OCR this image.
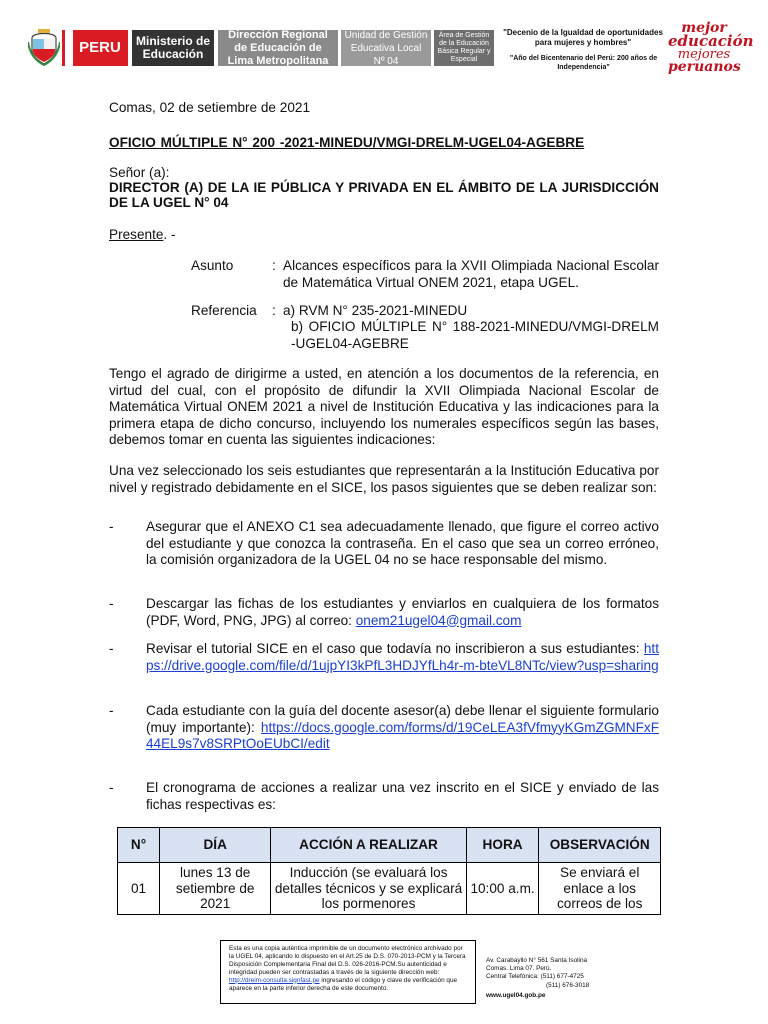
PERU	Ministerio de Educación
Dirección Regional de Educación de Lima Metropolitana
Unidad de Gestión Educativa Local Nº 04
Área de Gestión de la Educación Básica Regular y Especial
"Decenio de la Igualdad de oportunidades para mujeres y hombres"
"Año del Bicentenario del Perú: 200 años de Independencia"
mejor
educación
mejores
peruanos
Comas, 02 de setiembre de 2021
OFICIO MÚLTIPLE N° 200 -2021-MINEDU/VMGI-DRELM-UGEL04-AGEBRE
Señor (a):
DIRECTOR (A) DE LA IE PÚBLICA Y PRIVADA EN EL ÁMBITO DE LA JURISDICCIÓN DE LA UGEL N° 04
Presente. -
Asunto	: Alcances específicos para la XVII Olimpiada Nacional Escolar de Matemática Virtual ONEM 2021, etapa UGEL.
Referencia : a) RVM N° 235-2021-MINEDU
b) OFICIO MÚLTIPLE N° 188-2021-MINEDU/VMGI-DRELM -UGEL04-AGEBRE
Tengo el agrado de dirigirme a usted, en atención a los documentos de la referencia, en virtud del cual, con el propósito de difundir la XVII Olimpiada Nacional Escolar de Matemática Virtual ONEM 2021 a nivel de Institución Educativa y las indicaciones para la primera etapa de dicho concurso, incluyendo los numerales específicos según las bases, debemos tomar en cuenta las siguientes indicaciones:
Una vez seleccionado los seis estudiantes que representarán a la Institución Educativa por nivel y registrado debidamente en el SICE, los pasos siguientes que se deben realizar son:
- Asegurar que el ANEXO C1 sea adecuadamente llenado, que figure el correo activo del estudiante y que conozca la contraseña. En el caso que sea un correo erróneo, la comisión organizadora de la UGEL 04 no se hace responsable del mismo.
- Descargar las fichas de los estudiantes y enviarlos en cualquiera de los formatos (PDF, Word, PNG, JPG) al correo: onem21ugel04@gmail.com
- Revisar el tutorial SICE en el caso que todavía no inscribieron a sus estudiantes: https://drive.google.com/file/d/1ujpYI3kPfL3HDJYfLh4r-m-bteVL8NTc/view?usp=sharing
- Cada estudiante con la guía del docente asesor(a) debe llenar el siguiente formulario (muy importante): https://docs.google.com/forms/d/19CeLEA3fVfmyyKGmZGMNFxF44EL9s7v8SRPtOoEUbCI/edit
- El cronograma de acciones a realizar una vez inscrito en el SICE y enviado de las fichas respectivas es:
N°	DÍA	ACCIÓN A REALIZAR	HORA	OBSERVACIÓN
01	lunes 13 de setiembre de 2021	Inducción (se evaluará los detalles técnicos y se explicará los pormenores	10:00 a.m.	Se enviará el enlace a los correos de los
Esta es una copia auténtica imprimible de un documento electrónico archivado por la UGEL 04, aplicando lo dispuesto en el Art.25 de D.S. 070-2013-PCM y la Tercera Disposición Complementaria Final del D.S. 026-2016-PCM.Su autenticidad e integridad pueden ser contrastadas a través de la siguiente dirección web: http://dreim-consulta.signfast.pe ingresando el código y clave de verificación que aparece en la parte inferior derecha de este documento.
Av. Carabayllo N° 561 Santa Isolina
Comas. Lima 07. Perú.
Central Telefónica: (511) 677-4725
(511) 676-3018
www.ugel04.gob.pe
